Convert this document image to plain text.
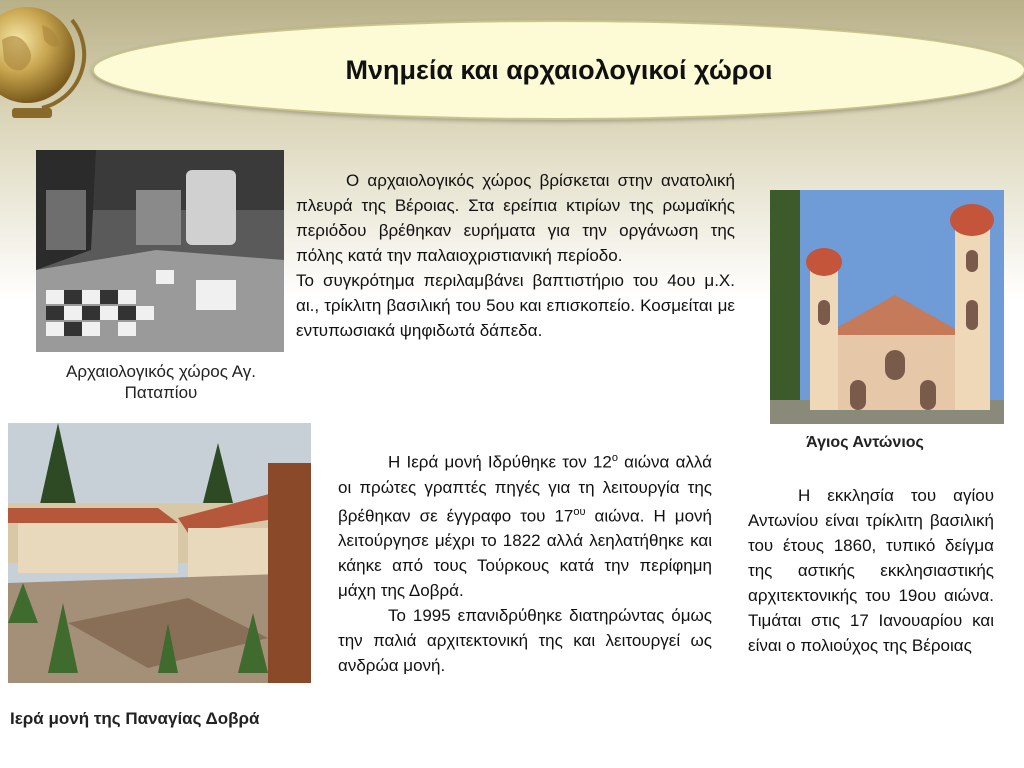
Μνημεία και αρχαιολογικοί χώροι
Αρχαιολογικός χώρος Αγ. Παταπίου

Ο αρχαιολογικός χώρος βρίσκεται στην ανατολική πλευρά της Βέροιας. Στα ερείπια κτιρίων της ρωμαϊκής περιόδου βρέθηκαν ευρήματα για την οργάνωση της πόλης κατά την παλαιοχριστιανική περίοδο.

Το συγκρότημα περιλαμβάνει βαπτιστήριο του 4ου μ.Χ. αι., τρίκλιτη βασιλική του 5ου και επισκοπείο. Κοσμείται με εντυπωσιακά ψηφιδωτά δάπεδα.

Άγιος Αντώνιος

Η εκκλησία του αγίου Αντωνίου είναι τρίκλιτη βασιλική του έτους 1860, τυπικό δείγμα της αστικής εκκλησιαστικής αρχιτεκτονικής του 19ου αιώνα. Τιμάται στις 17 Ιανουαρίου και είναι ο πολιούχος της Βέροιας

Ιερά μονή της Παναγίας Δοβρά

Η Ιερά μονή Ιδρύθηκε τον $12^o$ αιώνα αλλά οι πρώτες γραπτές πηγές για τη λειτουργία της βρέθηκαν σε έγγραφο του $17^{o\upsilon}$ αιώνα. Η μονή λειτούργησε μέχρι το 1822 αλλά λεηλατήθηκε και κάηκε από τους Τούρκους κατά την περίφημη μάχη της Δοβρά.

Το 1995 επανιδρύθηκε διατηρώντας όμως την παλιά αρχιτεκτονική της και λειτουργεί ως ανδρώα μονή.
